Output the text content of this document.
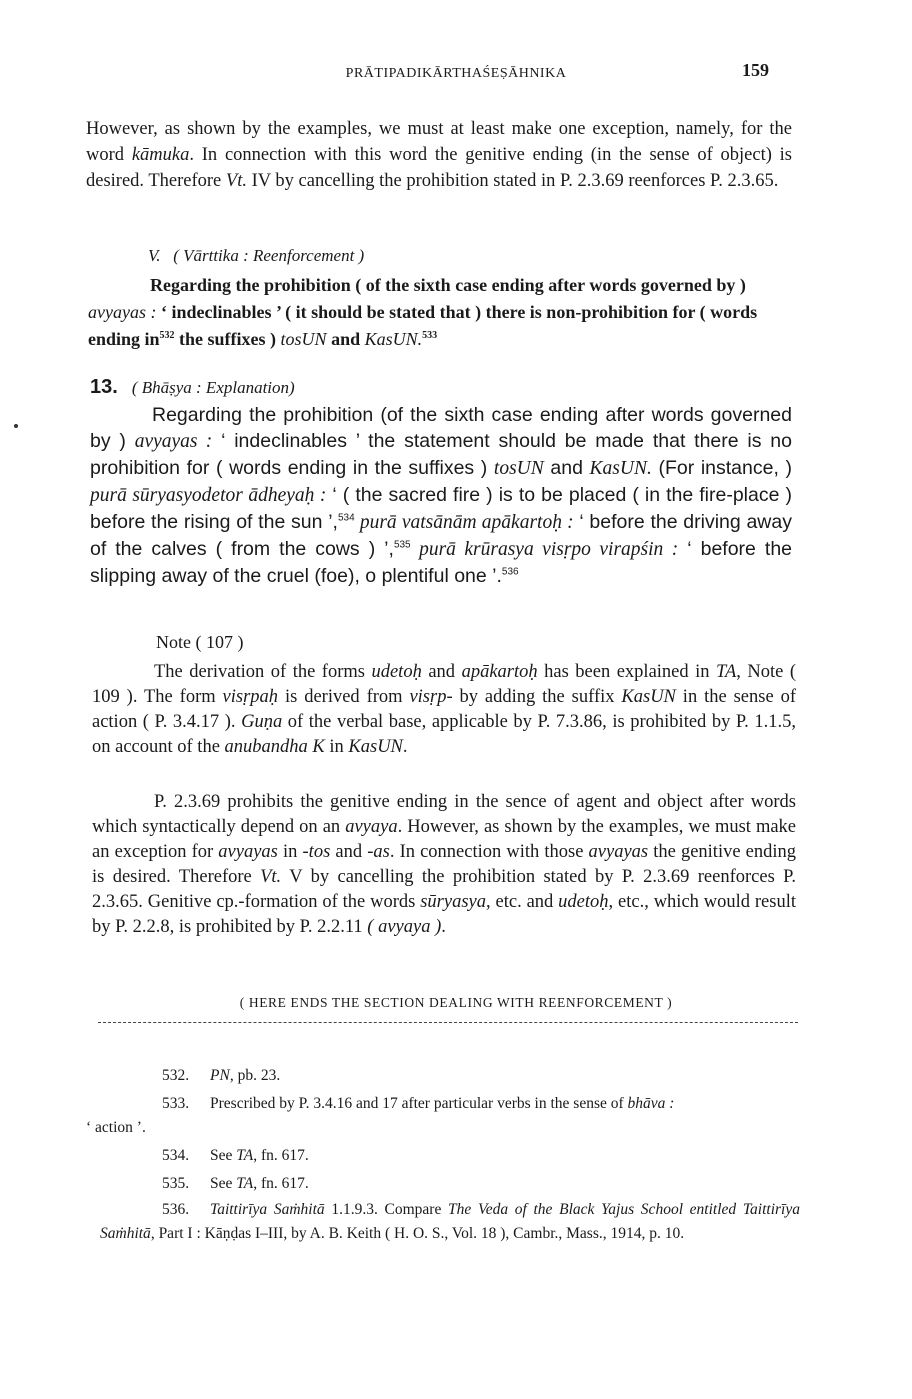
PRĀTIPADIKĀRTHAŚEṢĀHNIKA	159
However, as shown by the examples, we must at least make one exception, namely, for the word kāmuka. In connection with this word the genitive ending (in the sense of object) is desired. Therefore Vt. IV by cancelling the prohibition stated in P. 2.3.69 reenforces P. 2.3.65.
V. ( Vārttika : Reenforcement )
Regarding the prohibition ( of the sixth case ending after words governed by ) avyayas : ‘ indeclinables ’ ( it should be stated that ) there is non-prohibition for ( words ending $in^{532}$ the suffixes ) tosUN and KasUN.$^{533}$
13. ( Bhāṣya : Explanation)
Regarding the prohibition (of the sixth case ending after words governed by ) avyayas : ‘ indeclinables ’ the statement should be made that there is no prohibition for ( words ending in the suffixes ) tosUN and KasUN. (For instance, ) purā sūryasyodetor ādheyaḥ : ‘ ( the sacred fire ) is to be placed ( in the fire-place ) before the rising of the sun ’,$^{534}$ purā vatsānām apākartoḥ : ‘ before the driving away of the calves ( from the cows ) ’,$^{535}$ purā krūrasya visṛpo virapśin : ‘ before the slipping away of the cruel (foe), o plentiful one ’.$^{536}$
Note ( 107 )
The derivation of the forms udetoḥ and apākartoḥ has been explained in TA, Note ( 109 ). The form visṛpaḥ is derived from visṛp- by adding the suffix KasUN in the sense of action ( P. 3.4.17 ). Guṇa of the verbal base, applicable by P. 7.3.86, is prohibited by P. 1.1.5, on account of the anubandha K in KasUN.
P. 2.3.69 prohibits the genitive ending in the sence of agent and object after words which syntactically depend on an avyaya. However, as shown by the examples, we must make an exception for avyayas in -tos and -as. In connection with those avyayas the genitive ending is desired. Therefore Vt. V by cancelling the prohibition stated by P. 2.3.69 reenforces P. 2.3.65. Genitive cp.-formation of the words sūryasya, etc. and udetoḥ, etc., which would result by P. 2.2.8, is prohibited by P. 2.2.11 ( avyaya ).
( HERE ENDS THE SECTION DEALING WITH REENFORCEMENT )
532. PN, pb. 23.
533. Prescribed by P. 3.4.16 and 17 after particular verbs in the sense of bhāva :
‘ action ’.
534. See TA, fn. 617.
535. See TA, fn. 617.
536. Taittirīya Saṁhitā 1.1.9.3. Compare The Veda of the Black Yajus School entitled Taittirīya Saṁhitā, Part I : Kāṇḍas I–III, by A. B. Keith ( H. O. S., Vol. 18 ), Cambr., Mass., 1914, p. 10.
